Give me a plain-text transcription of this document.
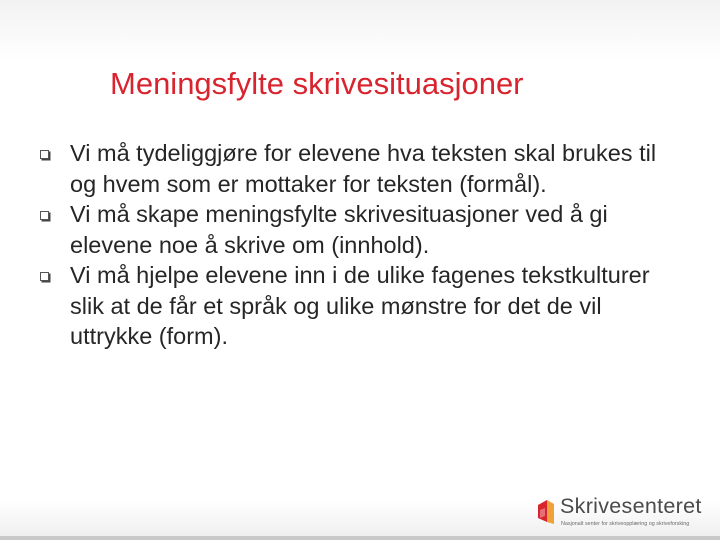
Meningsfylte skrivesituasjoner
Vi må tydeliggjøre for elevene hva teksten skal brukes til og hvem som er mottaker for teksten (formål).
Vi må skape meningsfylte skrivesituasjoner ved å gi elevene noe å skrive om (innhold).
Vi må hjelpe elevene inn i de ulike fagenes tekstkulturer slik at de får et språk og ulike mønstre for det de vil uttrykke (form).
Skrivesenteret
Nasjonalt senter for skriveopplæring og skriveforsking
